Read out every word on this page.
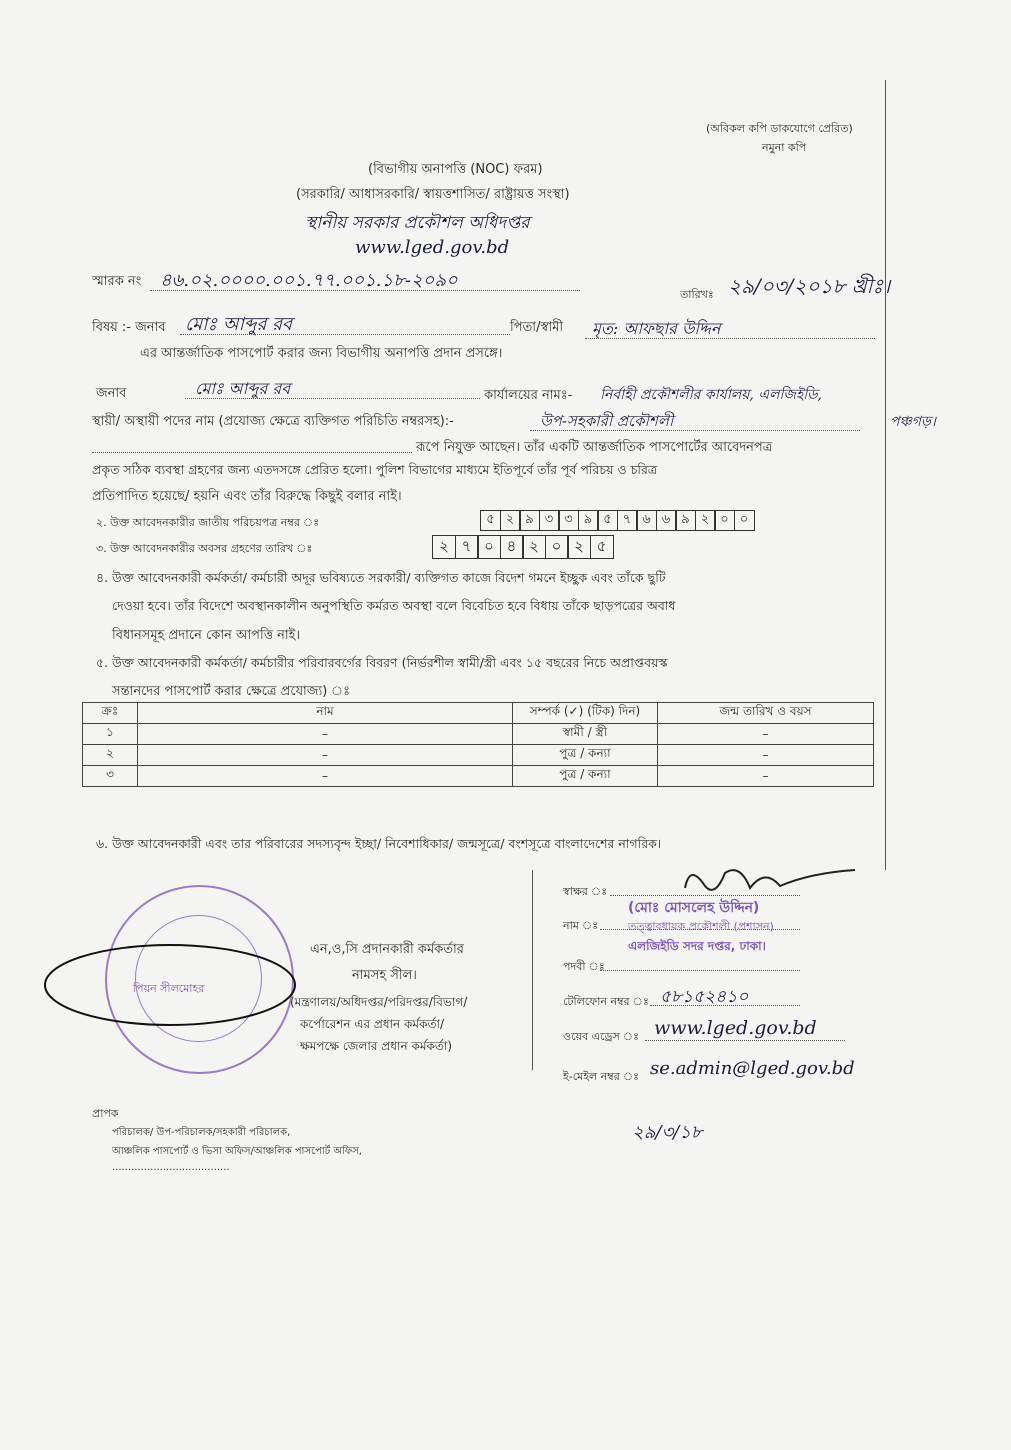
(অবিকল কপি ডাকযোগে প্রেরিত)
নমুনা কপি
(বিভাগীয় অনাপত্তি (NOC) ফরম)
(সরকারি/ আধাসরকারি/ স্বায়ত্তশাসিত/ রাষ্ট্রায়ত্ত সংস্থা)
স্থানীয় সরকার প্রকৌশল অধিদপ্তর
www.lged.gov.bd
স্মারক নং ৪৬.০২.০০০০.০০১.৭৭.০০১.১৮-২০৯০
তারিখঃ ২৯/০৩/২০১৮ খ্রীঃ।
বিষয় :- জনাব মোঃ আব্দুর রব	পিতা/স্বামী মৃত: আফছার উদ্দিন
এর আন্তর্জাতিক পাসপোর্ট করার জন্য বিভাগীয় অনাপত্তি প্রদান প্রসঙ্গে।
জনাব	মোঃ আব্দুর রব	কার্যালয়ের নামঃ- নির্বাহী প্রকৌশলীর কার্যালয়, এলজিইডি,
পঞ্চগড়।
স্থায়ী/ অস্থায়ী পদের নাম (প্রযোজ্য ক্ষেত্রে ব্যক্তিগত পরিচিতি নম্বরসহ):-	উপ-সহকারী প্রকৌশলী
রূপে নিযুক্ত আছেন। তাঁর একটি আন্তর্জাতিক পাসপোর্টের আবেদনপত্র
প্রকৃত সঠিক ব্যবস্থা গ্রহণের জন্য এতদসঙ্গে প্রেরিত হলো। পুলিশ বিভাগের মাধ্যমে ইতিপূর্বে তাঁর পূর্ব পরিচয় ও চরিত্র
প্রতিপাদিত হয়েছে/ হয়নি এবং তাঁর বিরুদ্ধে কিছুই বলার নাই।
২. উক্ত আবেদনকারীর জাতীয় পরিচয়পত্র নম্বর ঃ	৫ ২ ৯ ৩ ৩ ৯ ৫ ৭ ৬ ৬ ৯ ২ ০ ০
৩. উক্ত আবেদনকারীর অবসর গ্রহণের তারিখ ঃ	২ ৭ ০ ৪ ২ ০ ২ ৫
৪. উক্ত আবেদনকারী কর্মকর্তা/ কর্মচারী অদূর ভবিষ্যতে সরকারী/ ব্যক্তিগত কাজে বিদেশ গমনে ইচ্ছুক এবং তাঁকে ছুটি
দেওয়া হবে। তাঁর বিদেশে অবস্থানকালীন অনুপস্থিতি কর্মরত অবস্থা বলে বিবেচিত হবে বিধায় তাঁকে ছাড়পত্রের অবাধ
বিধানসমূহ প্রদানে কোন আপত্তি নাই।
৫. উক্ত আবেদনকারী কর্মকর্তা/ কর্মচারীর পরিবারবর্গের বিবরণ (নির্ভরশীল স্বামী/স্ত্রী এবং ১৫ বছরের নিচে অপ্রাপ্তবয়স্ক
সন্তানদের পাসপোর্ট করার ক্ষেত্রে প্রযোজ্য) ঃ
ক্রঃ	নাম	সম্পর্ক (✓) (টিক) দিন)	জন্ম তারিখ ও বয়স
১	–	স্বামী / স্ত্রী	–
২	–	পুত্র / কন্যা	–
৩	–	পুত্র / কন্যা	–
৬. উক্ত আবেদনকারী এবং তার পরিবারের সদস্যবৃন্দ ইচ্ছা/ নিবেশাধিকার/ জন্মসূত্রে/ বংশসূত্রে বাংলাদেশের নাগরিক।
স্বাক্ষর ঃ
নাম ঃ
(মোঃ মোসলেহ উদ্দিন)
তত্ত্বাবধায়ক প্রকৌশলী (প্রশাসন)
এলজিইডি সদর দপ্তর, ঢাকা।
পদবী ঃ
টেলিফোন নম্বর ঃ ৫৮১৫২৪১০
ওয়েব এড্রেস ঃ www.lged.gov.bd
ই-মেইল নম্বর ঃ se.admin@lged.gov.bd
২৯/৩/১৮
এন,ও,সি প্রদানকারী কর্মকর্তার
নামসহ সীল।
(মন্ত্রণালয়/অধিদপ্তর/পরিদপ্তর/বিভাগ/
কর্পোরেশন এর প্রধান কর্মকর্তা/
ক্ষমপক্ষে জেলার প্রধান কর্মকর্তা)
পিয়ন সীলমোহর
প্রাপক
পরিচালক/ উপ-পরিচালক/সহকারী পরিচালক,
আঞ্চলিক পাসপোর্ট ও ভিসা অফিস/আঞ্চলিক পাসপোর্ট অফিস,
.....................................
